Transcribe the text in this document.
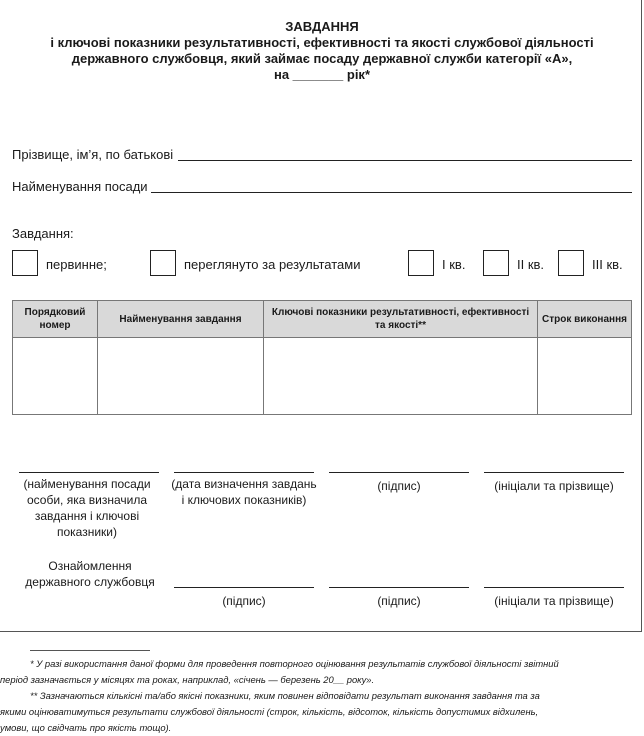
ЗАВДАННЯ
і ключові показники результативності, ефективності та якості службової діяльності
державного службовця, який займає посаду державної служби категорії «А»,
на _______ рік*
Прізвище, ім’я, по батькові
Найменування посади
Завдання:
первинне;	переглянуто за результатами	І кв.	ІІ кв.	ІІІ кв.
Порядковий номер	Найменування завдання	Ключові показники результативності, ефективності та якості**	Строк виконання

(найменування посади особи, яка визначила завдання і ключові показники)
(дата визначення завдань і ключових показників)
(підпис)	(ініціали та прізвище)
Ознайомлення державного службовця
(підпис)	(підпис)	(ініціали та прізвище)
* У разі використання даної форми для проведення повторного оцінювання результатів службової діяльності звітний
період зазначається у місяцях та роках, наприклад, «січень — березень 20__ року».
** Зазначаються кількісні та/або якісні показники, яким повинен відповідати результат виконання завдання та за
якими оцінюватимуться результати службової діяльності (строк, кількість, відсоток, кількість допустимих відхилень,
умови, що свідчать про якість тощо).
